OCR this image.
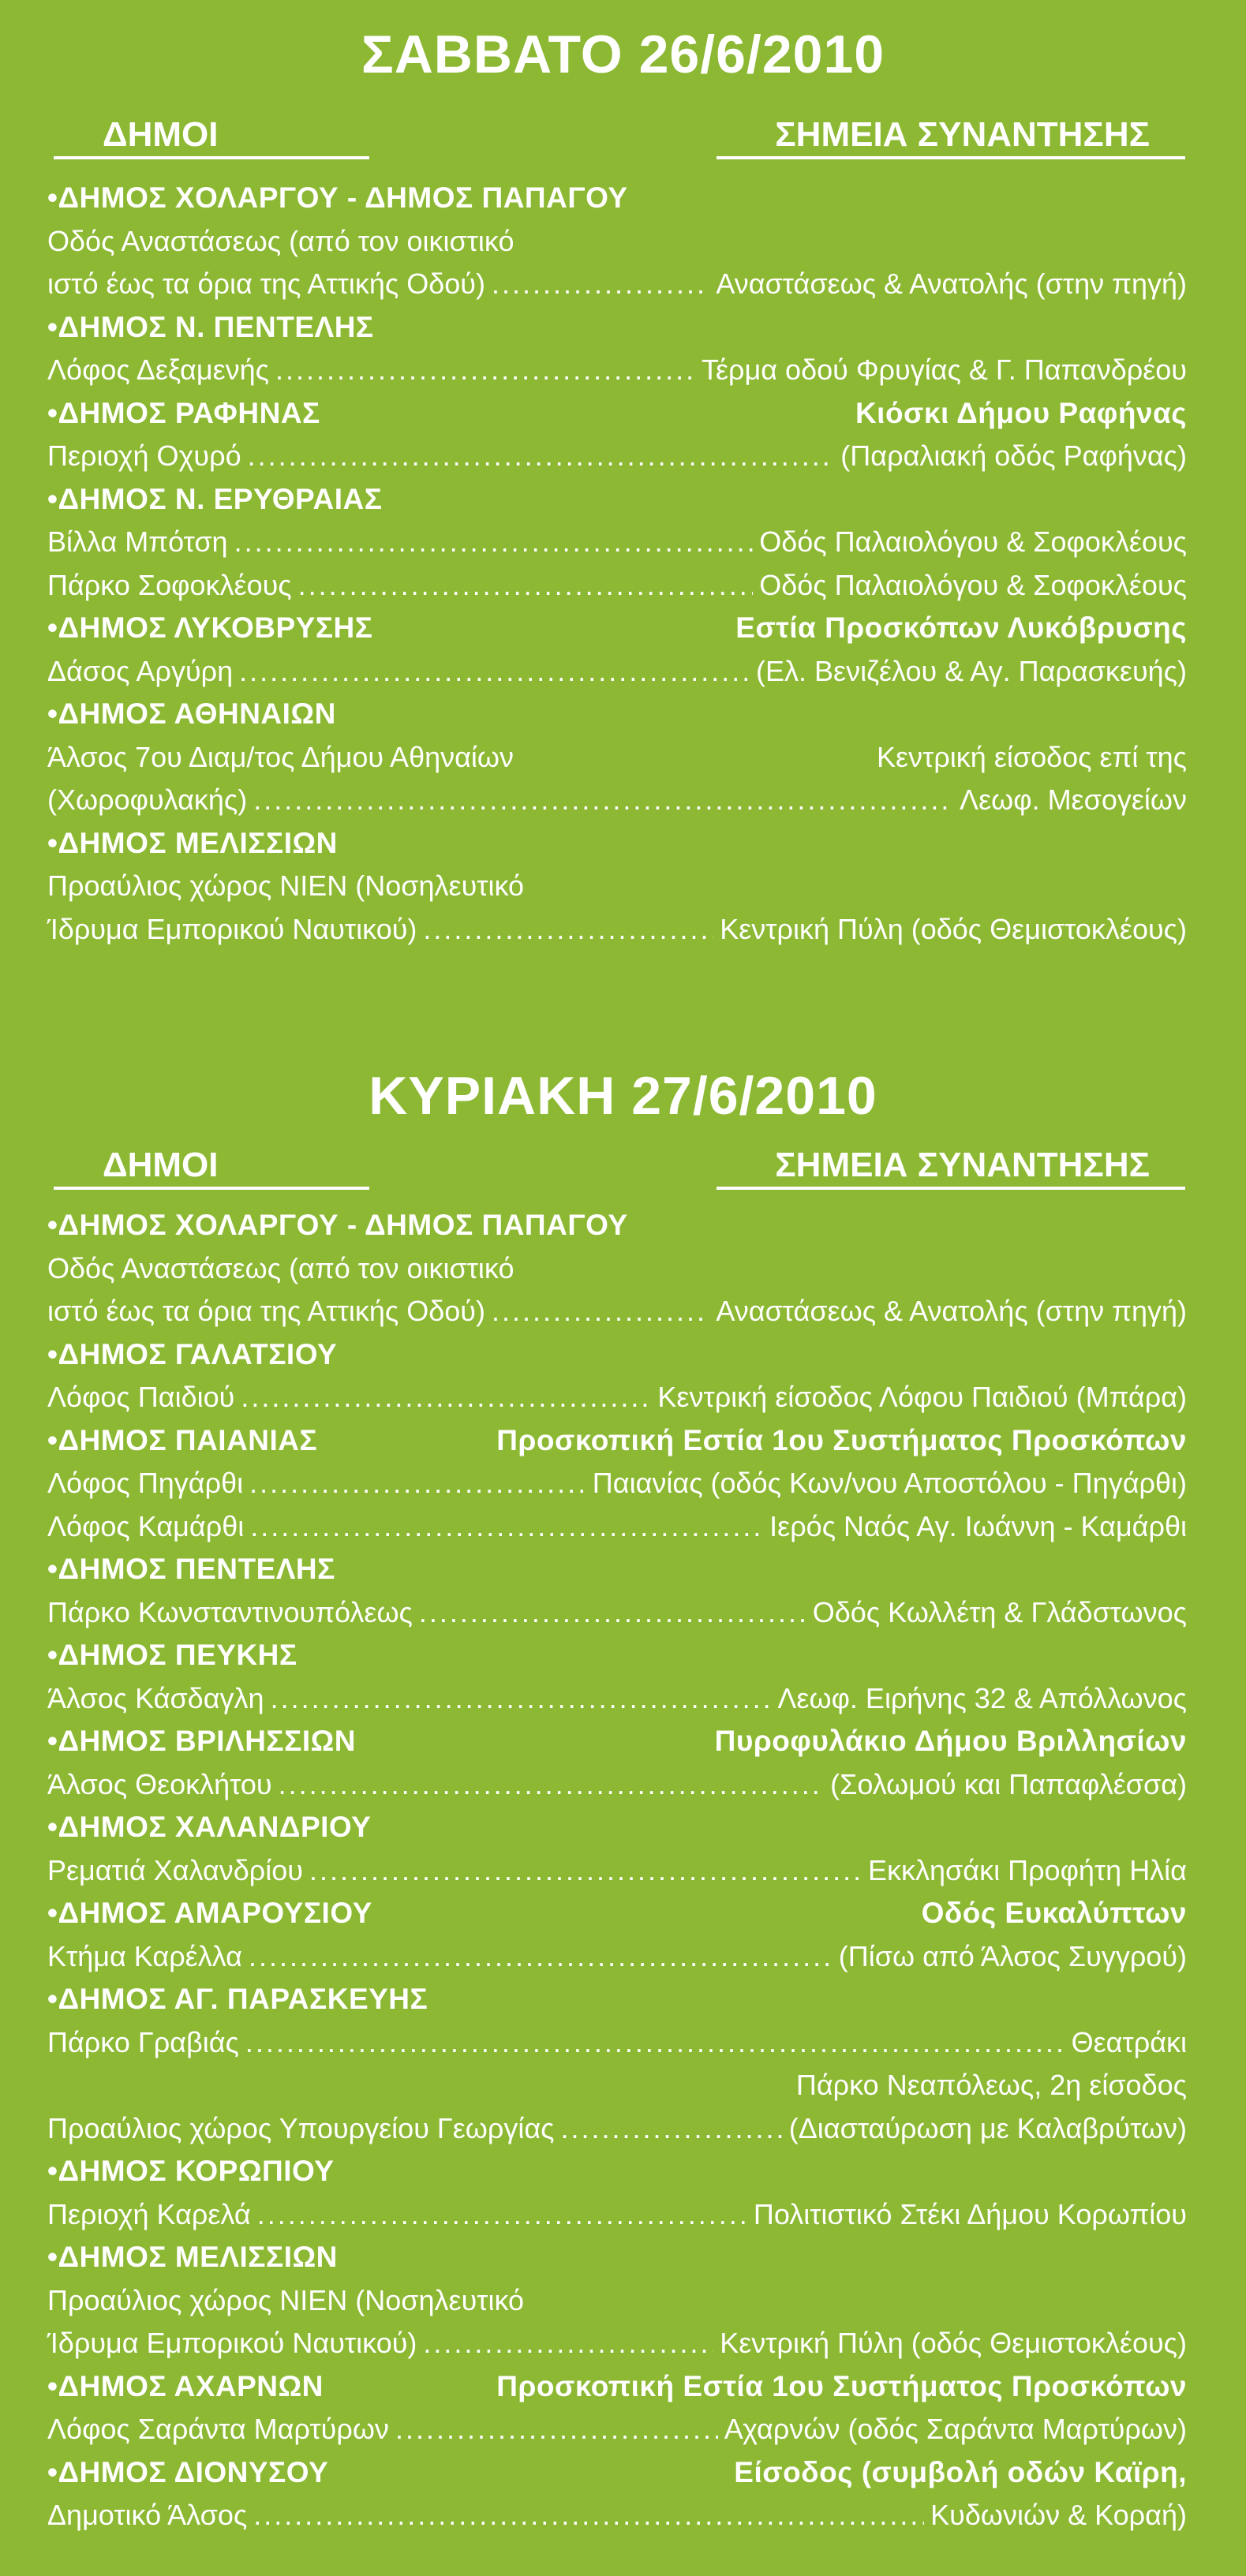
ΣΑΒΒΑΤΟ 26/6/2010
ΔΗΜΟΙ	ΣΗΜΕΙΑ ΣΥΝΑΝΤΗΣΗΣ
•ΔΗΜΟΣ ΧΟΛΑΡΓΟΥ - ΔΗΜΟΣ ΠΑΠΑΓΟΥ
Οδός Αναστάσεως (από τον οικιστικό
ιστό έως τα όρια της Αττικής Οδού) .....	Αναστάσεως & Ανατολής (στην πηγή)
•ΔΗΜΟΣ Ν. ΠΕΝΤΕΛΗΣ
Λόφος Δεξαμενής .....	Τέρμα οδού Φρυγίας & Γ. Παπανδρέου
•ΔΗΜΟΣ ΡΑΦΗΝΑΣ	Κιόσκι Δήμου Ραφήνας
Περιοχή Οχυρό .....	(Παραλιακή οδός Ραφήνας)
•ΔΗΜΟΣ Ν. ΕΡΥΘΡΑΙΑΣ
Βίλλα Μπότση .....	Οδός Παλαιολόγου & Σοφοκλέους
Πάρκο Σοφοκλέους .....	Οδός Παλαιολόγου & Σοφοκλέους
•ΔΗΜΟΣ ΛΥΚΟΒΡΥΣΗΣ	Εστία Προσκόπων Λυκόβρυσης
Δάσος Αργύρη .....	(Ελ. Βενιζέλου & Αγ. Παρασκευής)
•ΔΗΜΟΣ ΑΘΗΝΑΙΩΝ
Άλσος 7ου Διαμ/τος Δήμου Αθηναίων	Κεντρική είσοδος επί της
(Χωροφυλακής) .....	Λεωφ. Μεσογείων
•ΔΗΜΟΣ ΜΕΛΙΣΣΙΩΝ
Προαύλιος χώρος ΝΙΕΝ (Νοσηλευτικό
Ίδρυμα Εμπορικού Ναυτικού) .....	Κεντρική Πύλη (οδός Θεμιστοκλέους)
ΚΥΡΙΑΚΗ 27/6/2010
ΔΗΜΟΙ	ΣΗΜΕΙΑ ΣΥΝΑΝΤΗΣΗΣ
•ΔΗΜΟΣ ΧΟΛΑΡΓΟΥ - ΔΗΜΟΣ ΠΑΠΑΓΟΥ
Οδός Αναστάσεως (από τον οικιστικό
ιστό έως τα όρια της Αττικής Οδού) .....	Αναστάσεως & Ανατολής (στην πηγή)
•ΔΗΜΟΣ ΓΑΛΑΤΣΙΟΥ
Λόφος Παιδιού .....	Κεντρική είσοδος Λόφου Παιδιού (Μπάρα)
•ΔΗΜΟΣ ΠΑΙΑΝΙΑΣ	Προσκοπική Εστία 1ου Συστήματος Προσκόπων
Λόφος Πηγάρθι .....	Παιανίας (οδός Κων/νου Αποστόλου - Πηγάρθι)
Λόφος Καμάρθι .....	Ιερός Ναός Αγ. Ιωάννη - Καμάρθι
•ΔΗΜΟΣ ΠΕΝΤΕΛΗΣ
Πάρκο Κωνσταντινουπόλεως .....	Οδός Κωλλέτη & Γλάδστωνος
•ΔΗΜΟΣ ΠΕΥΚΗΣ
Άλσος Κάσδαγλη .....	Λεωφ. Ειρήνης 32 & Απόλλωνος
•ΔΗΜΟΣ ΒΡΙΛΗΣΣΙΩΝ	Πυροφυλάκιο Δήμου Βριλλησίων
Άλσος Θεοκλήτου .....	(Σολωμού και Παπαφλέσσα)
•ΔΗΜΟΣ ΧΑΛΑΝΔΡΙΟΥ
Ρεματιά Χαλανδρίου .....	Εκκλησάκι Προφήτη Ηλία
•ΔΗΜΟΣ ΑΜΑΡΟΥΣΙΟΥ	Οδός Ευκαλύπτων
Κτήμα Καρέλλα .....	(Πίσω από Άλσος Συγγρού)
•ΔΗΜΟΣ ΑΓ. ΠΑΡΑΣΚΕΥΗΣ
Πάρκο Γραβιάς .....	Θεατράκι
Πάρκο Νεαπόλεως, 2η είσοδος
Προαύλιος χώρος Υπουργείου Γεωργίας .....	(Διασταύρωση με Καλαβρύτων)
•ΔΗΜΟΣ ΚΟΡΩΠΙΟΥ
Περιοχή Καρελά .....	Πολιτιστικό Στέκι Δήμου Κορωπίου
•ΔΗΜΟΣ ΜΕΛΙΣΣΙΩΝ
Προαύλιος χώρος ΝΙΕΝ (Νοσηλευτικό
Ίδρυμα Εμπορικού Ναυτικού) .....	Κεντρική Πύλη (οδός Θεμιστοκλέους)
•ΔΗΜΟΣ ΑΧΑΡΝΩΝ	Προσκοπική Εστία 1ου Συστήματος Προσκόπων
Λόφος Σαράντα Μαρτύρων .....	Αχαρνών (οδός Σαράντα Μαρτύρων)
•ΔΗΜΟΣ ΔΙΟΝΥΣΟΥ	Είσοδος (συμβολή οδών Καϊρη,
Δημοτικό Άλσος .....	Κυδωνιών & Κοραή)
